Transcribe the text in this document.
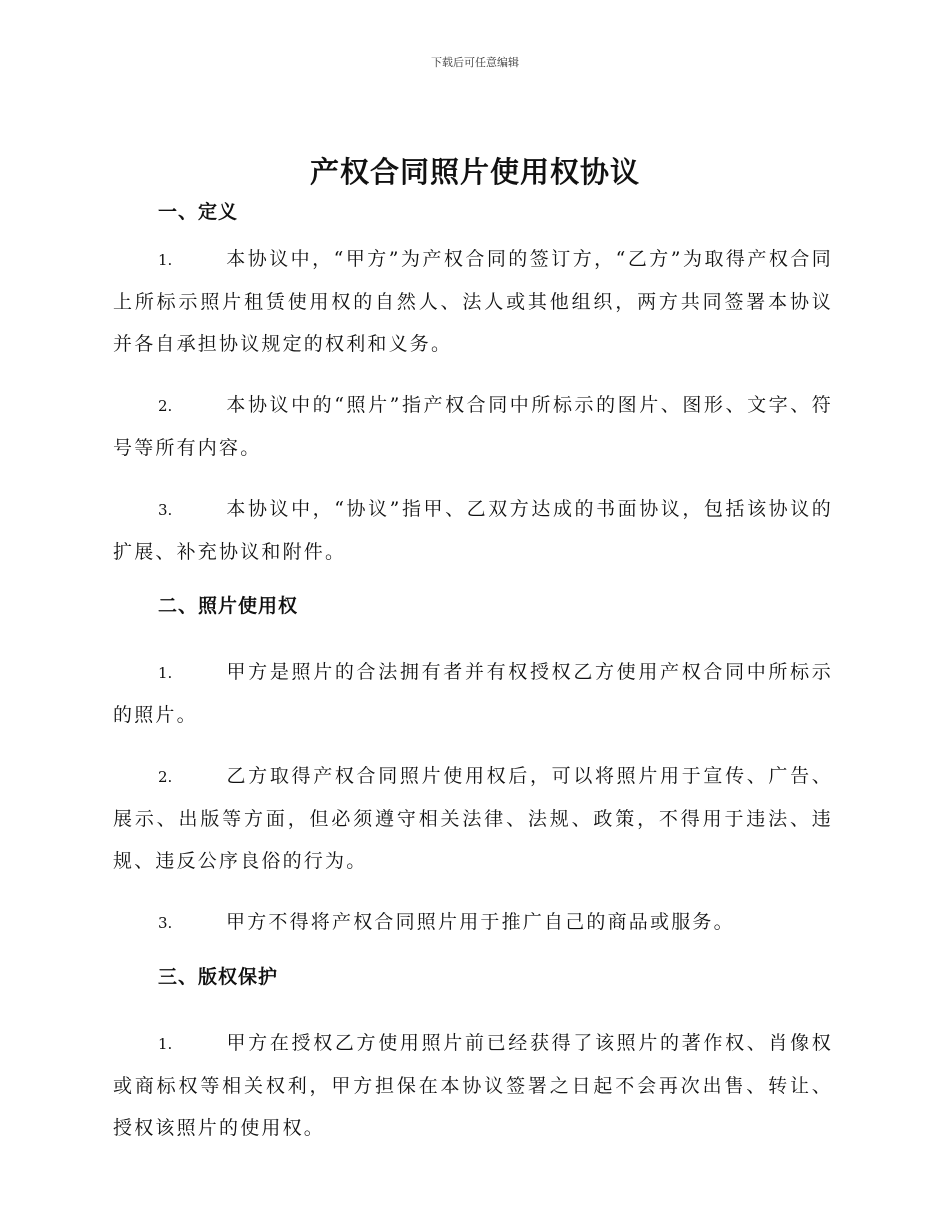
下载后可任意编辑
产权合同照片使用权协议
一、定义

1.	本协议中，“甲方”为产权合同的签订方，“乙方”为取得产权合同上所标示照片租赁使用权的自然人、法人或其他组织，两方共同签署本协议并各自承担协议规定的权利和义务。

2.	本协议中的“照片”指产权合同中所标示的图片、图形、文字、符号等所有内容。

3.	本协议中，“协议”指甲、乙双方达成的书面协议，包括该协议的扩展、补充协议和附件。

二、照片使用权

1.	甲方是照片的合法拥有者并有权授权乙方使用产权合同中所标示的照片。

2.	乙方取得产权合同照片使用权后，可以将照片用于宣传、广告、展示、出版等方面，但必须遵守相关法律、法规、政策，不得用于违法、违规、违反公序良俗的行为。

3.	甲方不得将产权合同照片用于推广自己的商品或服务。

三、版权保护

1.	甲方在授权乙方使用照片前已经获得了该照片的著作权、肖像权或商标权等相关权利，甲方担保在本协议签署之日起不会再次出售、转让、授权该照片的使用权。
